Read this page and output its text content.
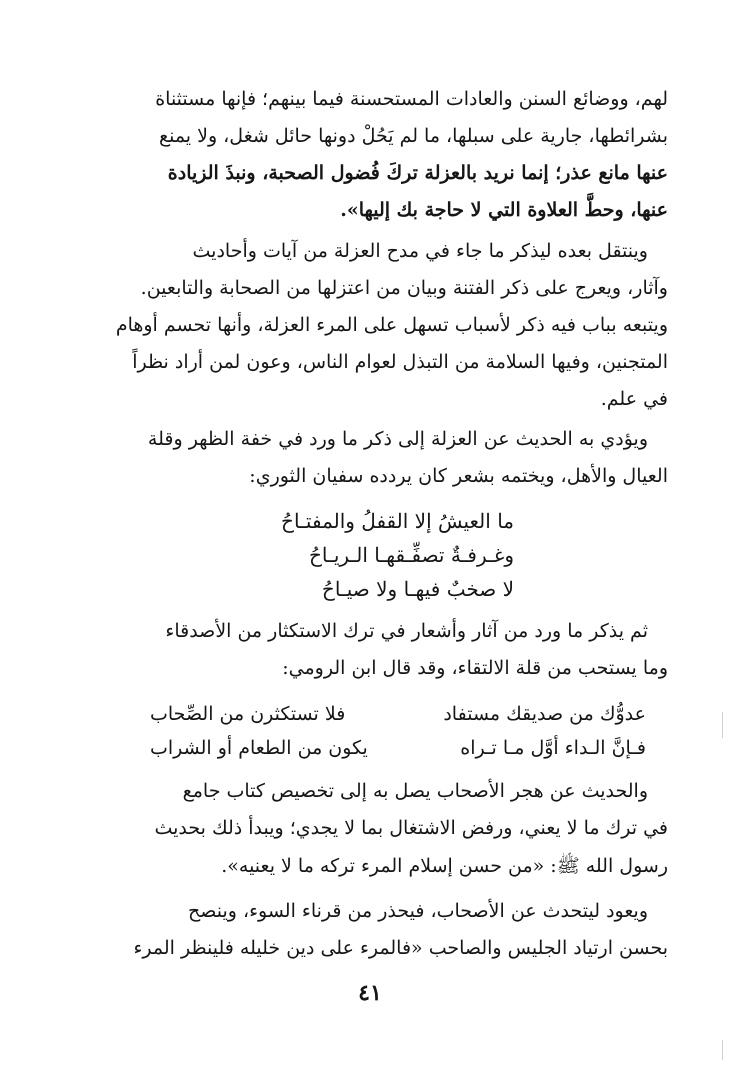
لهم، ووضائع السنن والعادات المستحسنة فيما بينهم؛ فإنها مستثناة
بشرائطها، جارية على سبلها، ما لم يَحُلْ دونها حائل شغل، ولا يمنع
عنها مانع عذر؛ إنما نريد بالعزلة تركَ فُضول الصحبة، ونبذَ الزيادة
عنها، وحطَّ العلاوة التي لا حاجة بك إليها».
وينتقل بعده ليذكر ما جاء في مدح العزلة من آيات وأحاديث
وآثار، ويعرج على ذكر الفتنة وبيان من اعتزلها من الصحابة والتابعين.
ويتبعه بباب فيه ذكر لأسباب تسهل على المرء العزلة، وأنها تحسم أوهام
المتجنين، وفيها السلامة من التبذل لعوام الناس، وعون لمن أراد نظراً
في علم.
ويؤدي به الحديث عن العزلة إلى ذكر ما ورد في خفة الظهر وقلة
العيال والأهل، ويختمه بشعر كان يردده سفيان الثوري:
ما العيشُ إلا القفلُ والمفتـاحُ
وغـرفـةٌ تصفِّـقهـا الـريـاحُ
لا صخبٌ فيهـا ولا صيـاحُ
ثم يذكر ما ورد من آثار وأشعار في ترك الاستكثار من الأصدقاء
وما يستحب من قلة الالتقاء، وقد قال ابن الرومي:
عدوُّك من صديقك مستفاد
فلا تستكثرن من الصِّحاب
فـإنَّ الـداء أوَّل مـا تـراه
يكون من الطعام أو الشراب
والحديث عن هجر الأصحاب يصل به إلى تخصيص كتاب جامع
في ترك ما لا يعني، ورفض الاشتغال بما لا يجدي؛ ويبدأ ذلك بحديث
رسول الله ﷺ: «من حسن إسلام المرء تركه ما لا يعنيه».
ويعود ليتحدث عن الأصحاب، فيحذر من قرناء السوء، وينصح
بحسن ارتياد الجليس والصاحب «فالمرء على دين خليله فلينظر المرء
٤١
